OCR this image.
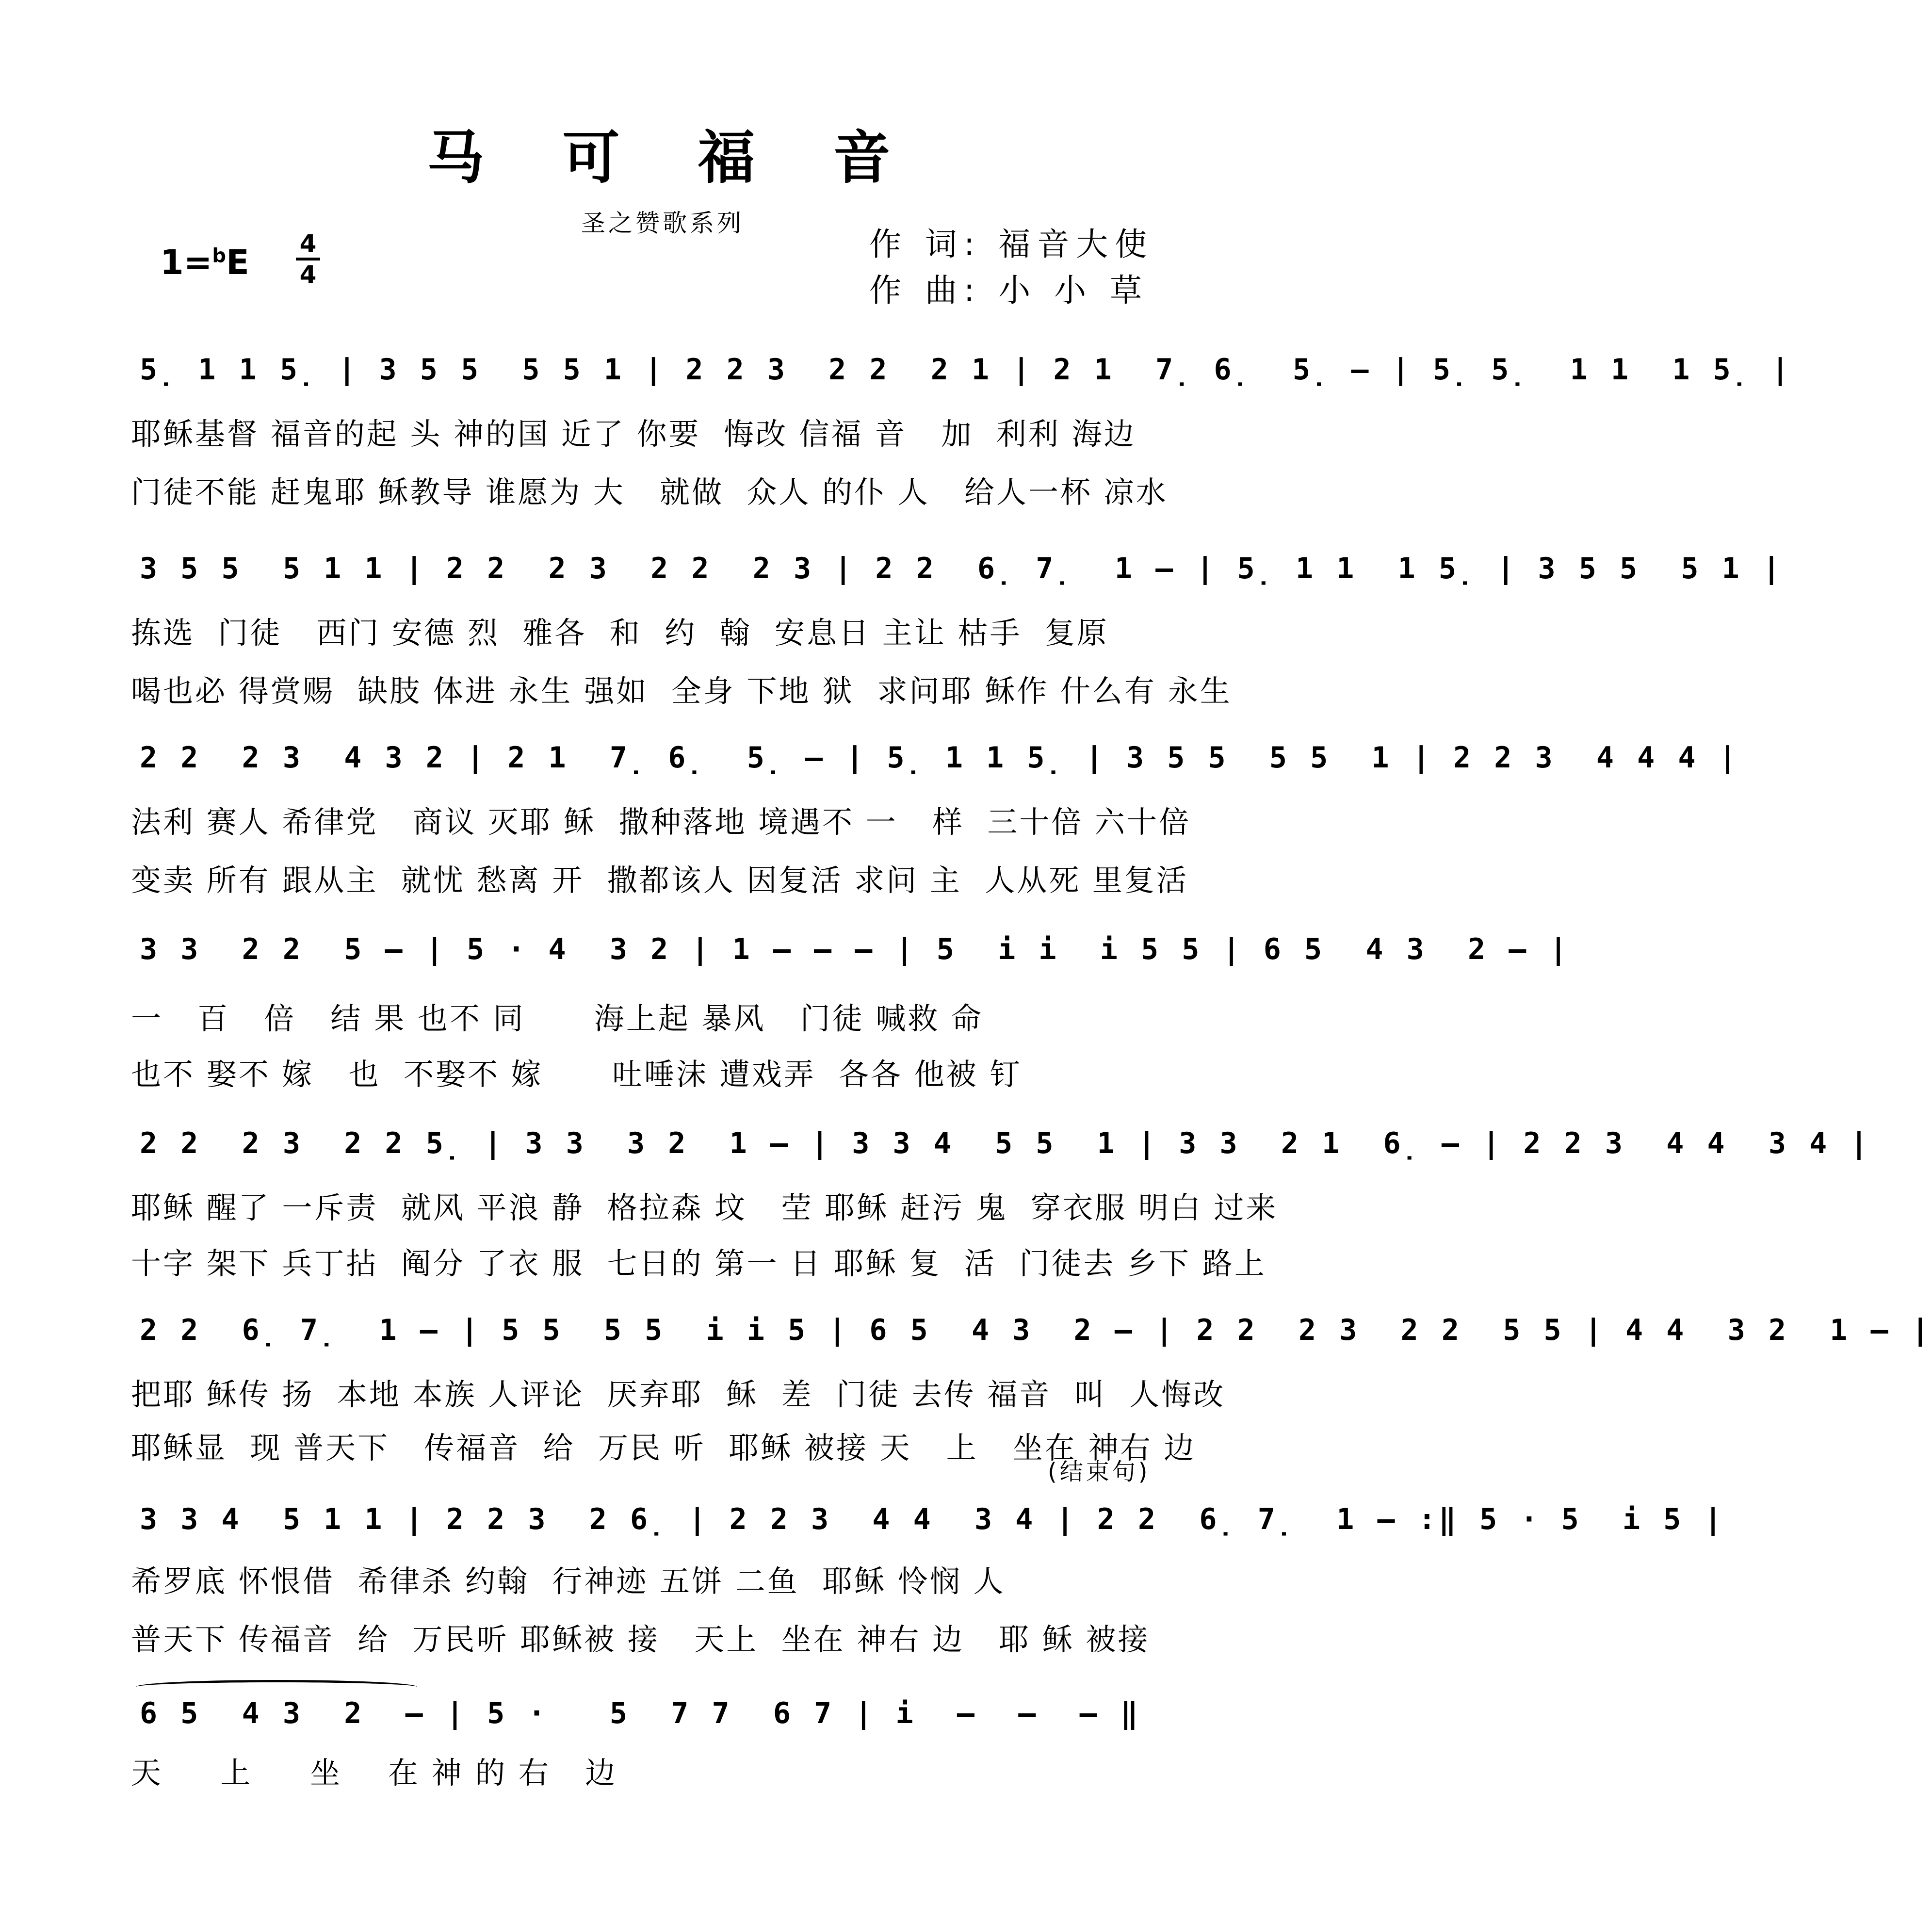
马 可 福 音
圣之赞歌系列
1=$^b$E 4
4
作 词: 福音大使
作 曲: 小 小 草
5̣ 1 1 5̣ | 3 5 5  5 5 1 | 2 2 3  2 2  2 1 | 2 1  7̣ 6̣  5̣ – | 5̣ 5̣  1 1  1 5̣ |
耶稣基督 福音的起 头 神的国 近了 你要  悔改 信福 音   加  利利 海边
门徒不能 赶鬼耶 稣教导 谁愿为 大   就做  众人 的仆 人   给人一杯 凉水
3 5 5  5 1 1 | 2 2  2 3  2 2  2 3 | 2 2  6̣ 7̣  1 – | 5̣ 1 1  1 5̣ | 3 5 5  5 1 |
拣选  门徒   西门 安德 烈  雅各  和  约  翰  安息日 主让 枯手  复原
喝也必 得赏赐  缺肢 体进 永生 强如  全身 下地 狱  求问耶 稣作 什么有 永生
2 2  2 3  4 3 2 | 2 1  7̣ 6̣  5̣ – | 5̣ 1 1 5̣ | 3 5 5  5 5  1 | 2 2 3  4 4 4 |
法利 赛人 希律党   商议 灭耶 稣  撒种落地 境遇不 一   样  三十倍 六十倍
变卖 所有 跟从主  就忧 愁离 开  撒都该人 因复活 求问 主  人从死 里复活
3 3  2 2  5 – | 5 · 4  3 2 | 1 – – – | 5  i i  i 5 5 | 6 5  4 3  2 – |
一   百   倍   结 果 也不 同      海上起 暴风   门徒 喊救 命
也不 娶不 嫁   也  不娶不 嫁      吐唾沫 遭戏弄  各各 他被 钉
2 2  2 3  2 2 5̣ | 3 3  3 2  1 – | 3 3 4  5 5  1 | 3 3  2 1  6̣ – | 2 2 3  4 4  3 4 |
耶稣 醒了 一斥责  就风 平浪 静  格拉森 坟   茔 耶稣 赶污 鬼  穿衣服 明白 过来
十字 架下 兵丁拈  阄分 了衣 服  七日的 第一 日 耶稣 复  活  门徒去 乡下 路上
2 2  6̣ 7̣  1 – | 5 5  5 5  i i 5 | 6 5  4 3  2 – | 2 2  2 3  2 2  5 5 | 4 4  3 2  1 – |
把耶 稣传 扬  本地 本族 人评论  厌弃耶  稣  差  门徒 去传 福音  叫  人悔改
耶稣显  现 普天下   传福音  给  万民 听  耶稣 被接 天   上   坐在 神右 边
(结束句)
3 3 4  5 1 1 | 2 2 3  2 6̣ | 2 2 3  4 4  3 4 | 2 2  6̣ 7̣  1 – :‖ 5 · 5  i 5 |
希罗底 怀恨借  希律杀 约翰  行神迹 五饼 二鱼  耶稣 怜悯 人
普天下 传福音  给  万民听 耶稣被 接   天上  坐在 神右 边   耶 稣 被接
6 5  4 3  2  – | 5 ·   5  7 7  6 7 | i  –  –  – ‖
天     上     坐    在 神 的 右   边
